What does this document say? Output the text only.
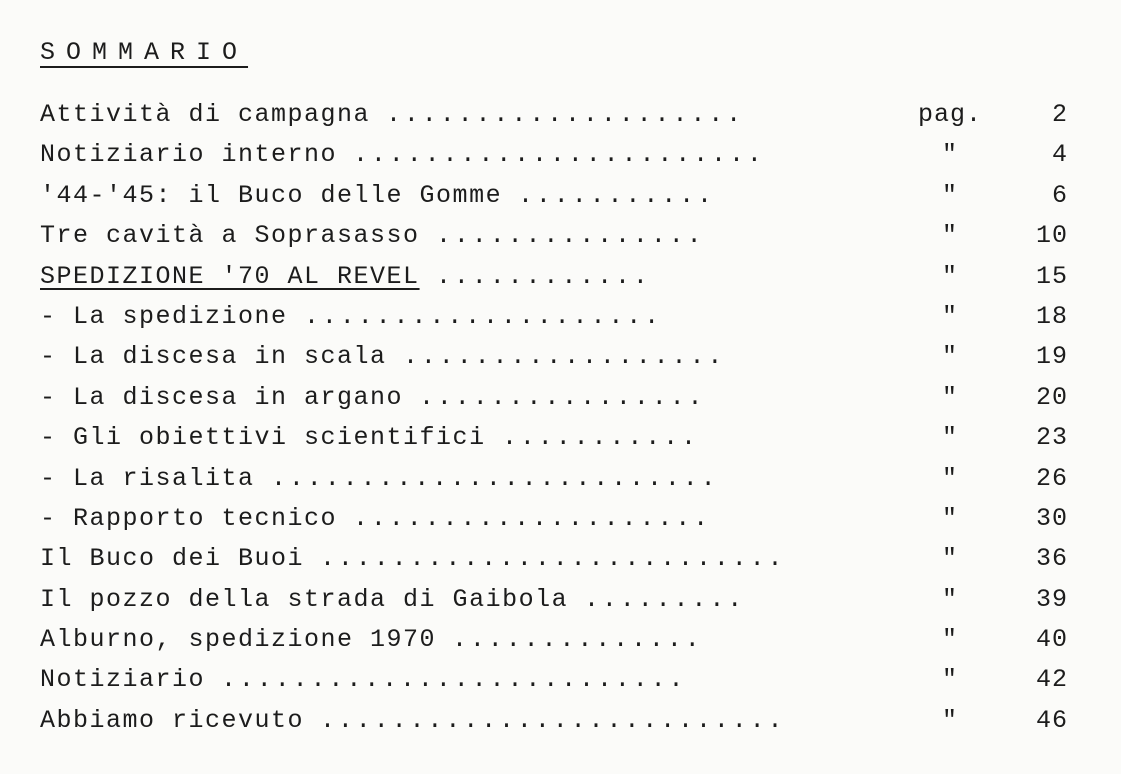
SOMMARIO
Attività di campagna ....................	pag.	2
Notiziario interno .......................	"	4
'44-'45: il Buco delle Gomme ...........	"	6
Tre cavità a Soprasasso ...............	"	10
SPEDIZIONE '70 AL REVEL ............	"	15
- La spedizione ....................	"	18
- La discesa in scala ..................	"	19
- La discesa in argano ................	"	20
- Gli obiettivi scientifici ...........	"	23
- La risalita .........................	"	26
- Rapporto tecnico ....................	"	30
Il Buco dei Buoi ..........................	"	36
Il pozzo della strada di Gaibola .........	"	39
Alburno, spedizione 1970 ..............	"	40
Notiziario ..........................	"	42
Abbiamo ricevuto ..........................	"	46
